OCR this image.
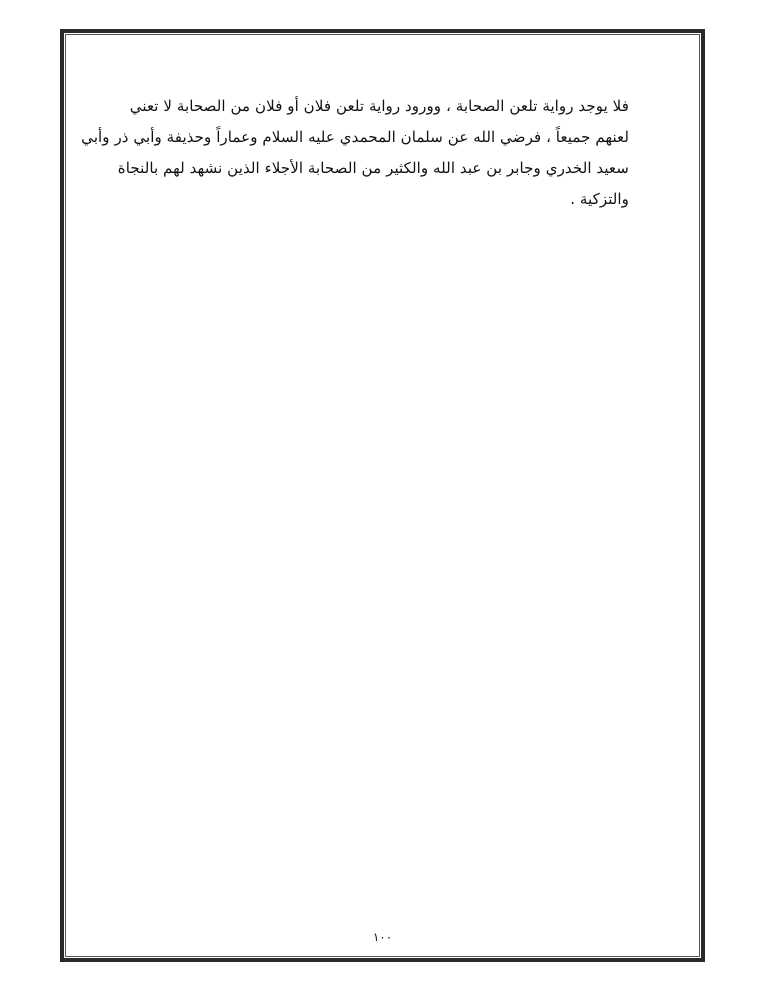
فلا يوجد رواية تلعن الصحابة ، وورود رواية تلعن فلان أو فلان من الصحابة لا تعني
لعنهم جميعاً ، فرضي الله عن سلمان المحمدي عليه السلام وعماراً وحذيفة وأبي ذر وأبي
سعيد الخدري وجابر بن عبد الله والكثير من الصحابة الأجلاء الذين نشهد لهم بالنجاة
والتزكية .
١٠٠
